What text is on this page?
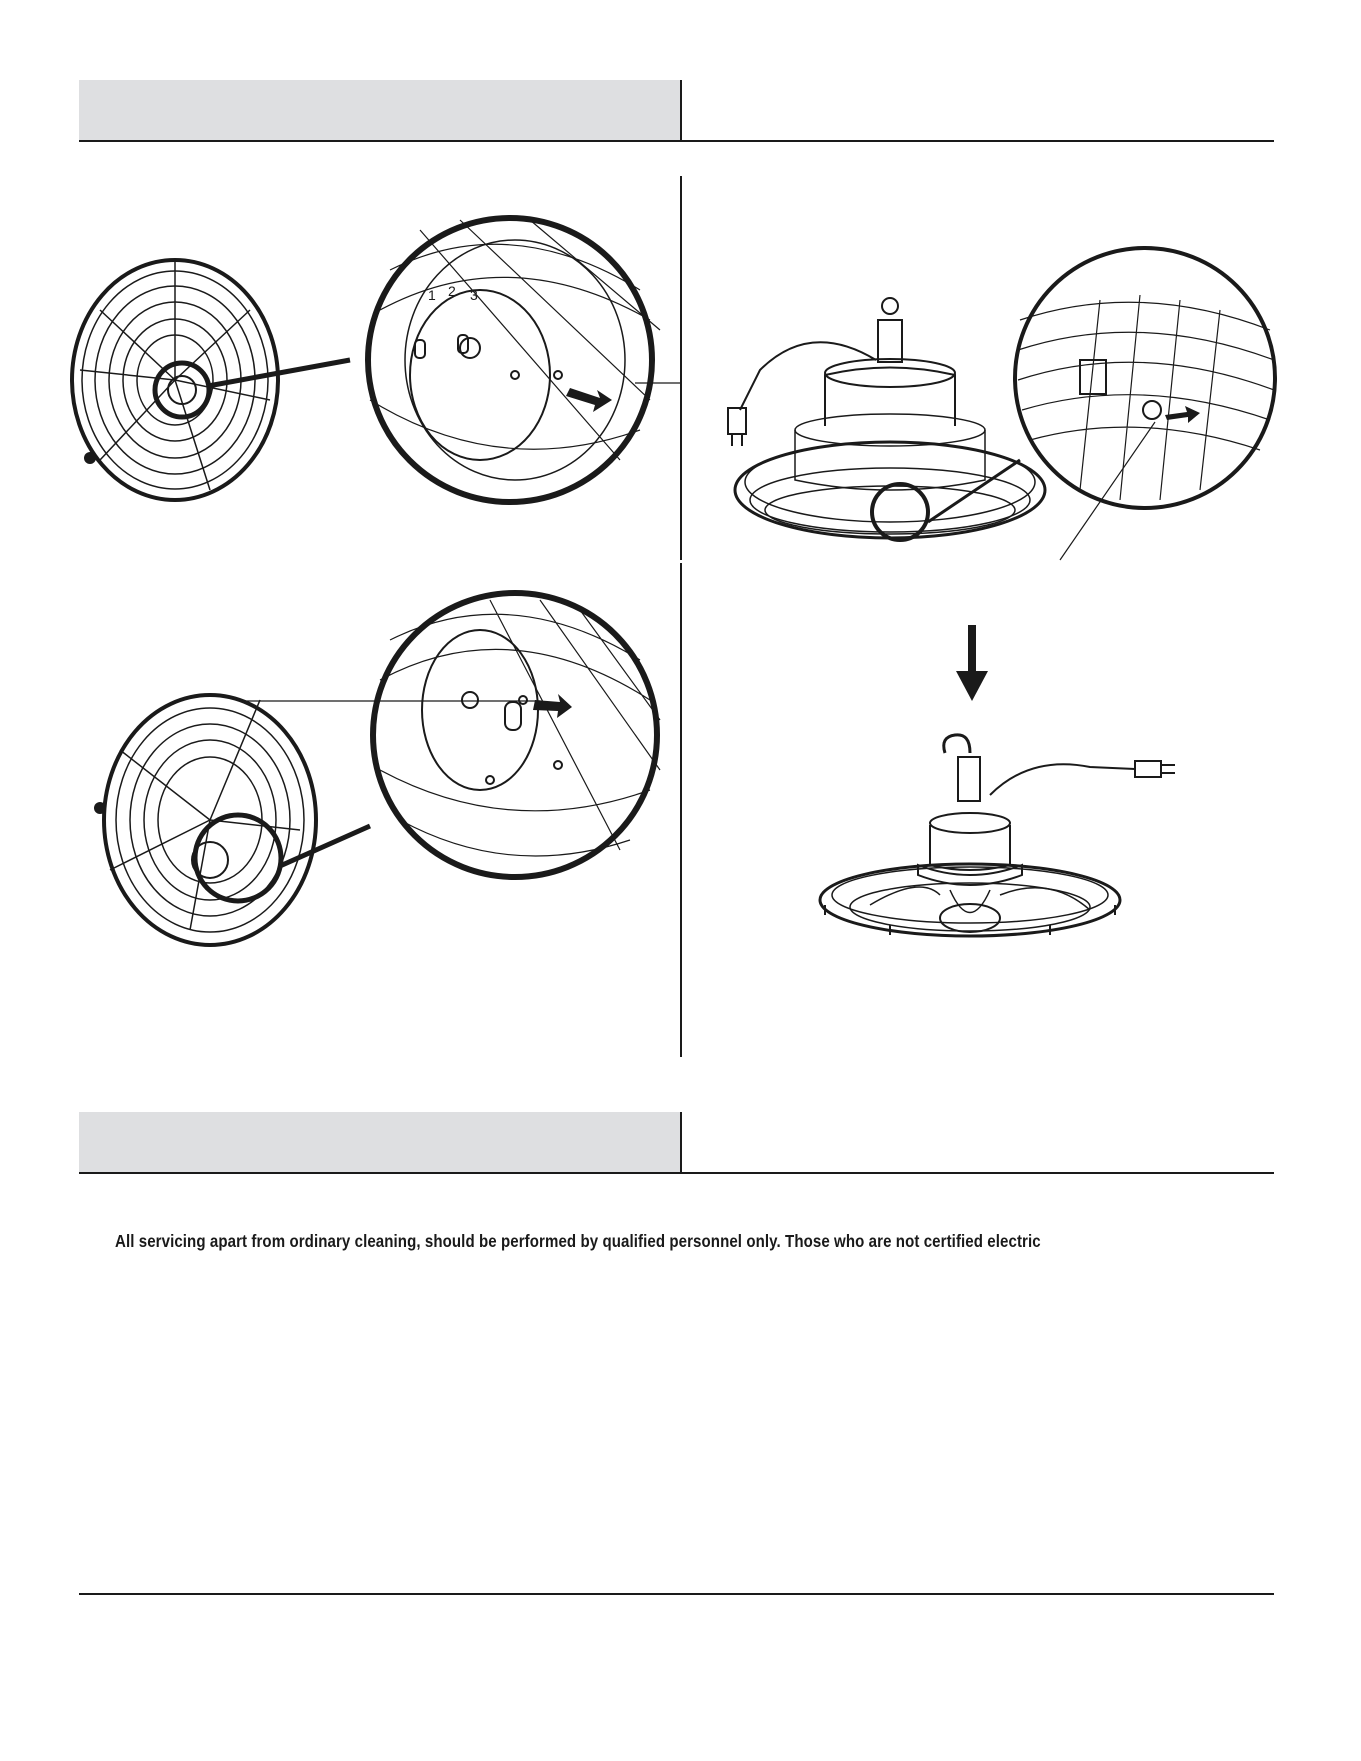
1 2 3
All servicing apart from ordinary cleaning, should be performed by qualified personnel only. Those who are not certified electric
